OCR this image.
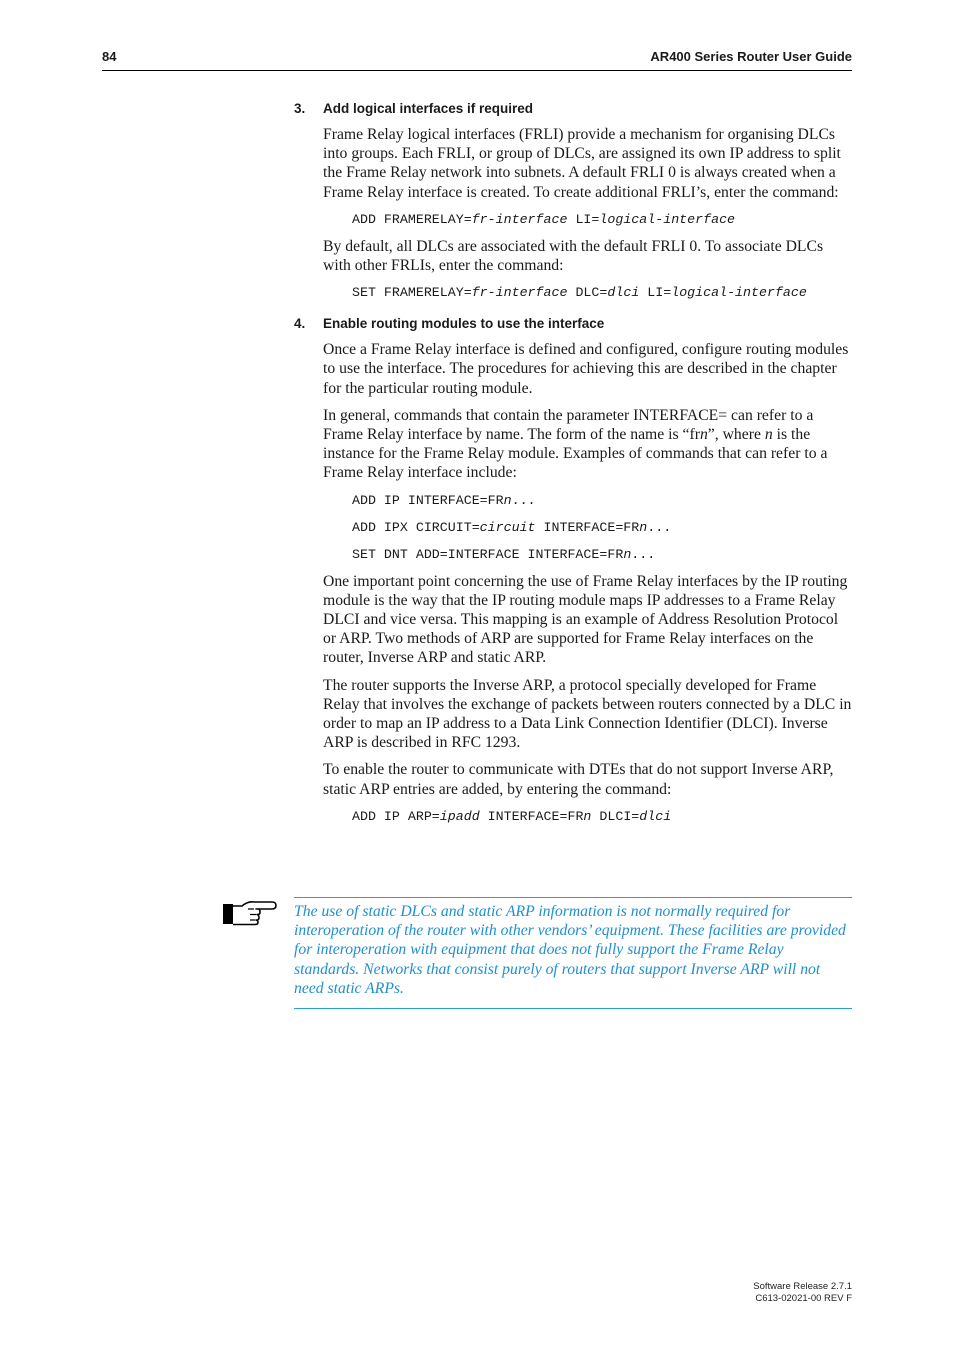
84	AR400 Series Router User Guide
3. Add logical interfaces if required

Frame Relay logical interfaces (FRLI) provide a mechanism for organising DLCs into groups. Each FRLI, or group of DLCs, are assigned its own IP address to split the Frame Relay network into subnets. A default FRLI 0 is always created when a Frame Relay interface is created. To create additional FRLI’s, enter the command:

ADD FRAMERELAY=fr-interface LI=logical-interface

By default, all DLCs are associated with the default FRLI 0. To associate DLCs with other FRLIs, enter the command:

SET FRAMERELAY=fr-interface DLC=dlci LI=logical-interface
4. Enable routing modules to use the interface

Once a Frame Relay interface is defined and configured, configure routing modules to use the interface. The procedures for achieving this are described in the chapter for the particular routing module.

In general, commands that contain the parameter INTERFACE= can refer to a Frame Relay interface by name. The form of the name is “frn”, where n is the instance for the Frame Relay module. Examples of commands that can refer to a Frame Relay interface include:

ADD IP INTERFACE=FRn...
ADD IPX CIRCUIT=circuit INTERFACE=FRn...
SET DNT ADD=INTERFACE INTERFACE=FRn...

One important point concerning the use of Frame Relay interfaces by the IP routing module is the way that the IP routing module maps IP addresses to a Frame Relay DLCI and vice versa. This mapping is an example of Address Resolution Protocol or ARP. Two methods of ARP are supported for Frame Relay interfaces on the router, Inverse ARP and static ARP.

The router supports the Inverse ARP, a protocol specially developed for Frame Relay that involves the exchange of packets between routers connected by a DLC in order to map an IP address to a Data Link Connection Identifier (DLCI). Inverse ARP is described in RFC 1293.

To enable the router to communicate with DTEs that do not support Inverse ARP, static ARP entries are added, by entering the command:

ADD IP ARP=ipadd INTERFACE=FRn DLCI=dlci
The use of static DLCs and static ARP information is not normally required for interoperation of the router with other vendors’ equipment. These facilities are provided for interoperation with equipment that does not fully support the Frame Relay standards. Networks that consist purely of routers that support Inverse ARP will not need static ARPs.
Software Release 2.7.1
C613-02021-00 REV F
